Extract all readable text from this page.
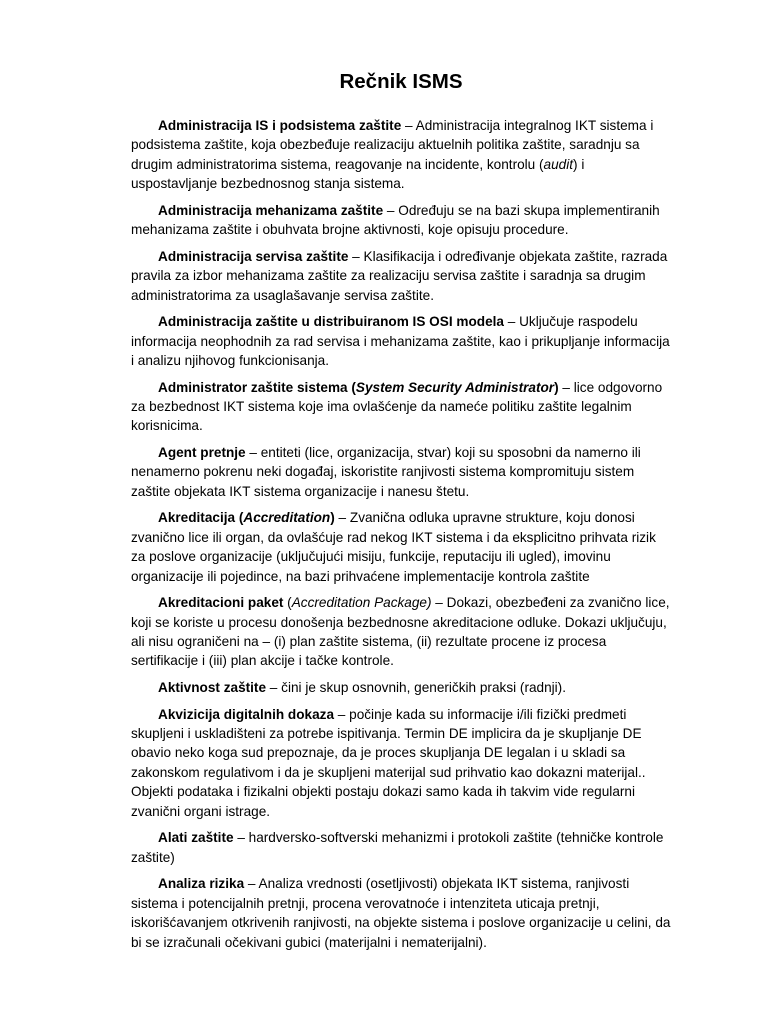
Rečnik ISMS

Administracija IS i podsistema zaštite – Administracija integralnog IKT sistema i podsistema zaštite, koja obezbeđuje realizaciju aktuelnih politika zaštite, saradnju sa drugim administratorima sistema, reagovanje na incidente, kontrolu (audit) i uspostavljanje bezbednosnog stanja sistema.

Administracija mehanizama zaštite – Određuju se na bazi skupa implementiranih mehanizama zaštite i obuhvata brojne aktivnosti, koje opisuju procedure.

Administracija servisa zaštite – Klasifikacija i određivanje objekata zaštite, razrada pravila za izbor mehanizama zaštite za realizaciju servisa zaštite i saradnja sa drugim administratorima za usaglašavanje servisa zaštite.

Administracija zaštite u distribuiranom IS OSI modela – Uključuje raspodelu informacija neophodnih za rad servisa i mehanizama zaštite, kao i prikupljanje informacija i analizu njihovog funkcionisanja.

Administrator zaštite sistema (System Security Administrator) – lice odgovorno za bezbednost IKT sistema koje ima ovlašćenje da nameće politiku zaštite legalnim korisnicima.

Agent pretnje – entiteti (lice, organizacija, stvar) koji su sposobni da namerno ili nenamerno pokrenu neki događaj, iskoristite ranjivosti sistema kompromituju sistem zaštite objekata IKT sistema organizacije i nanesu štetu.

Akreditacija (Accreditation) – Zvanična odluka upravne strukture, koju donosi zvanično lice ili organ, da ovlašćuje rad nekog IKT sistema i da eksplicitno prihvata rizik za poslove organizacije (uključujući misiju, funkcije, reputaciju ili ugled), imovinu organizacije ili pojedince, na bazi prihvaćene implementacije kontrola zaštite

Akreditacioni paket (Accreditation Package) – Dokazi, obezbeđeni za zvanično lice, koji se koriste u procesu donošenja bezbednosne akreditacione odluke. Dokazi uključuju, ali nisu ograničeni na – (i) plan zaštite sistema, (ii) rezultate procene iz procesa sertifikacije i (iii) plan akcije i tačke kontrole.

Aktivnost zaštite – čini je skup osnovnih, generičkih praksi (radnji).

Akvizicija digitalnih dokaza – počinje kada su informacije i/ili fizički predmeti skupljeni i uskladišteni za potrebe ispitivanja. Termin DE implicira da je skupljanje DE obavio neko koga sud prepoznaje, da je proces skupljanja DE legalan i u skladi sa zakonskom regulativom i da je skupljeni materijal sud prihvatio kao dokazni materijal.. Objekti podataka i fizikalni objekti postaju dokazi samo kada ih takvim vide regularni zvanični organi istrage.

Alati zaštite – hardversko-softverski mehanizmi i protokoli zaštite (tehničke kontrole zaštite)

Analiza rizika – Analiza vrednosti (osetljivosti) objekata IKT sistema, ranjivosti sistema i potencijalnih pretnji, procena verovatnoće i intenziteta uticaja pretnji, iskorišćavanjem otkrivenih ranjivosti, na objekte sistema i poslove organizacije u celini, da bi se izračunali očekivani gubici (materijalni i nematerijalni).
